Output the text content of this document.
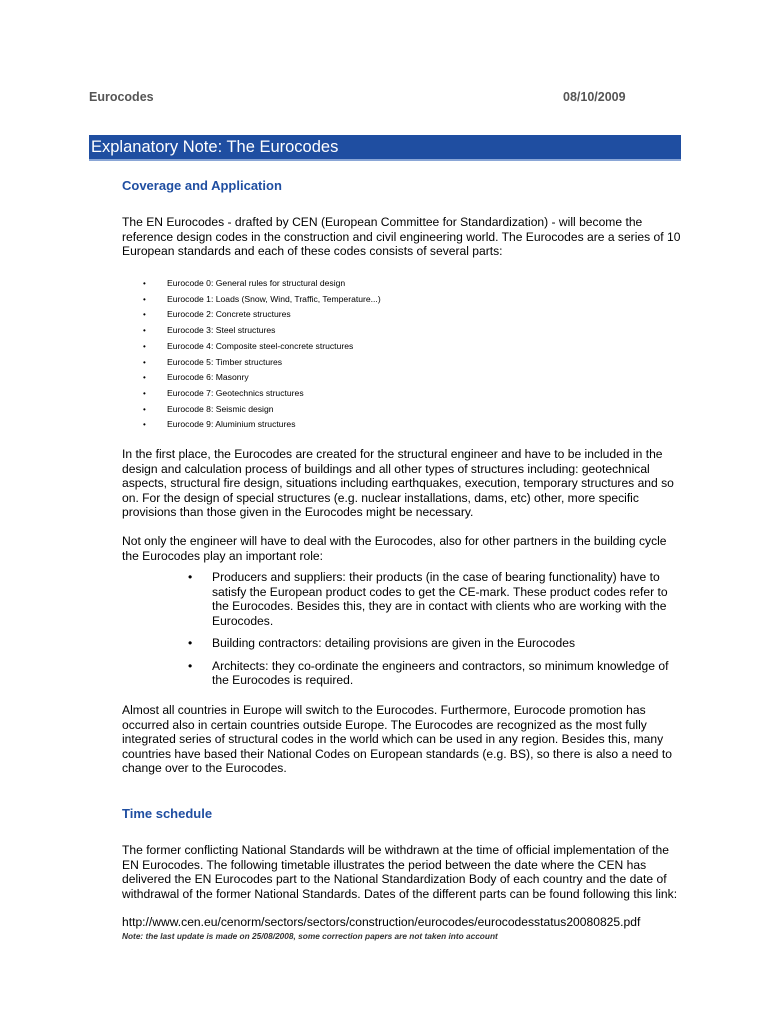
Eurocodes	08/10/2009
Explanatory Note: The Eurocodes
Coverage and Application

The EN Eurocodes - drafted by CEN (European Committee for Standardization) - will become the reference design codes in the construction and civil engineering world. The Eurocodes are a series of 10 European standards and each of these codes consists of several parts:

• Eurocode 0: General rules for structural design
• Eurocode 1: Loads (Snow, Wind, Traffic, Temperature...)
• Eurocode 2: Concrete structures
• Eurocode 3: Steel structures
• Eurocode 4: Composite steel-concrete structures
• Eurocode 5: Timber structures
• Eurocode 6: Masonry
• Eurocode 7: Geotechnics structures
• Eurocode 8: Seismic design
• Eurocode 9: Aluminium structures

In the first place, the Eurocodes are created for the structural engineer and have to be included in the design and calculation process of buildings and all other types of structures including: geotechnical aspects, structural fire design, situations including earthquakes, execution, temporary structures and so on. For the design of special structures (e.g. nuclear installations, dams, etc) other, more specific provisions than those given in the Eurocodes might be necessary.

Not only the engineer will have to deal with the Eurocodes, also for other partners in the building cycle the Eurocodes play an important role:

• Producers and suppliers: their products (in the case of bearing functionality) have to satisfy the European product codes to get the CE-mark. These product codes refer to the Eurocodes. Besides this, they are in contact with clients who are working with the Eurocodes.
• Building contractors: detailing provisions are given in the Eurocodes
• Architects: they co-ordinate the engineers and contractors, so minimum knowledge of the Eurocodes is required.

Almost all countries in Europe will switch to the Eurocodes. Furthermore, Eurocode promotion has occurred also in certain countries outside Europe. The Eurocodes are recognized as the most fully integrated series of structural codes in the world which can be used in any region. Besides this, many countries have based their National Codes on European standards (e.g. BS), so there is also a need to change over to the Eurocodes.

Time schedule

The former conflicting National Standards will be withdrawn at the time of official implementation of the EN Eurocodes. The following timetable illustrates the period between the date where the CEN has delivered the EN Eurocodes part to the National Standardization Body of each country and the date of withdrawal of the former National Standards. Dates of the different parts can be found following this link:

http://www.cen.eu/cenorm/sectors/sectors/construction/eurocodes/eurocodesstatus20080825.pdf
Note: the last update is made on 25/08/2008, some correction papers are not taken into account
